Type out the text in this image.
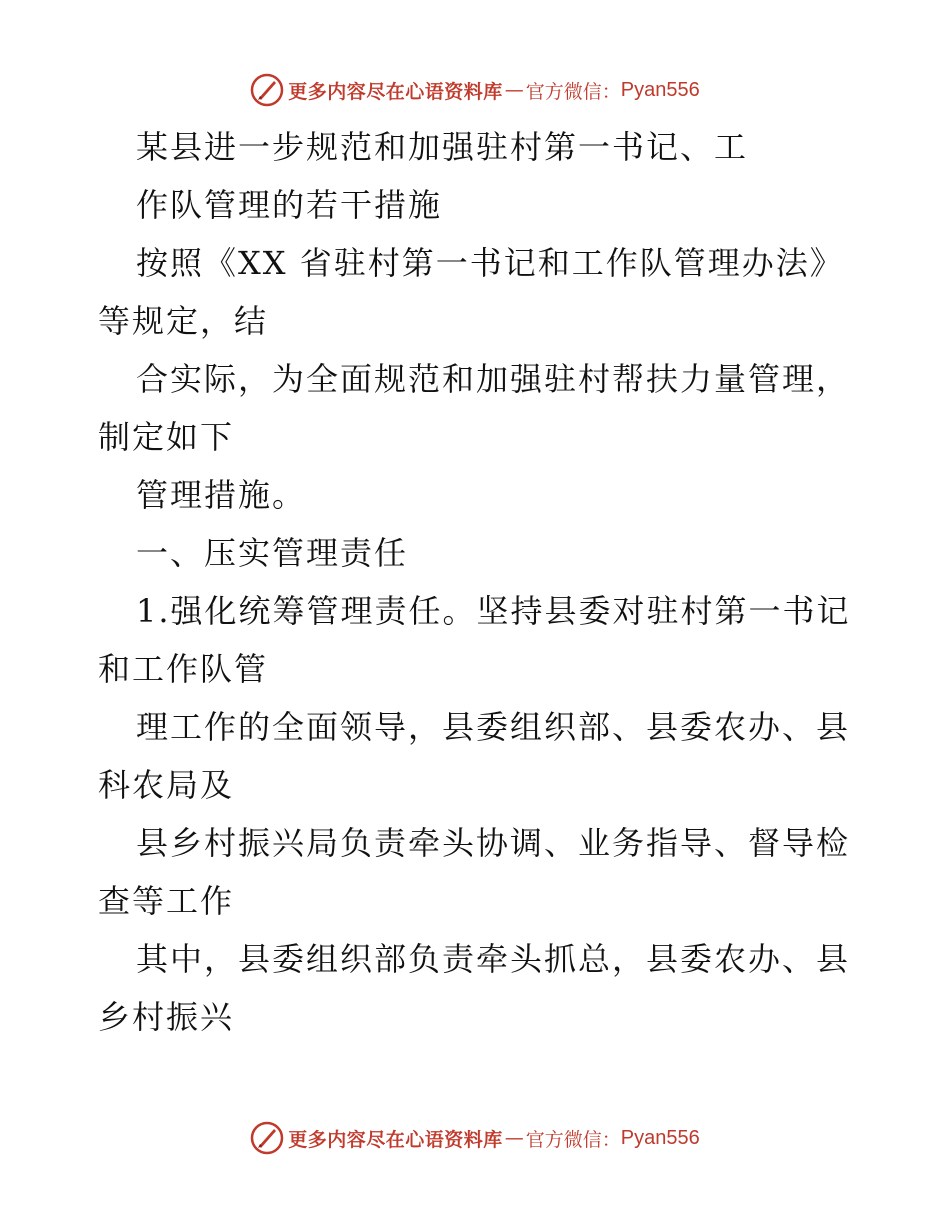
更多内容尽在心语资料库 — 官方微信： Pyan556
某县进一步规范和加强驻村第一书记、工
作队管理的若干措施
按照《XX 省驻村第一书记和工作队管理办法》
等规定，结
合实际，为全面规范和加强驻村帮扶力量管理，
制定如下
管理措施。
一、压实管理责任
1.强化统筹管理责任。坚持县委对驻村第一书记
和工作队管
理工作的全面领导，县委组织部、县委农办、县
科农局及
县乡村振兴局负责牵头协调、业务指导、督导检
查等工作
其中，县委组织部负责牵头抓总，县委农办、县
乡村振兴
更多内容尽在心语资料库 — 官方微信： Pyan556
